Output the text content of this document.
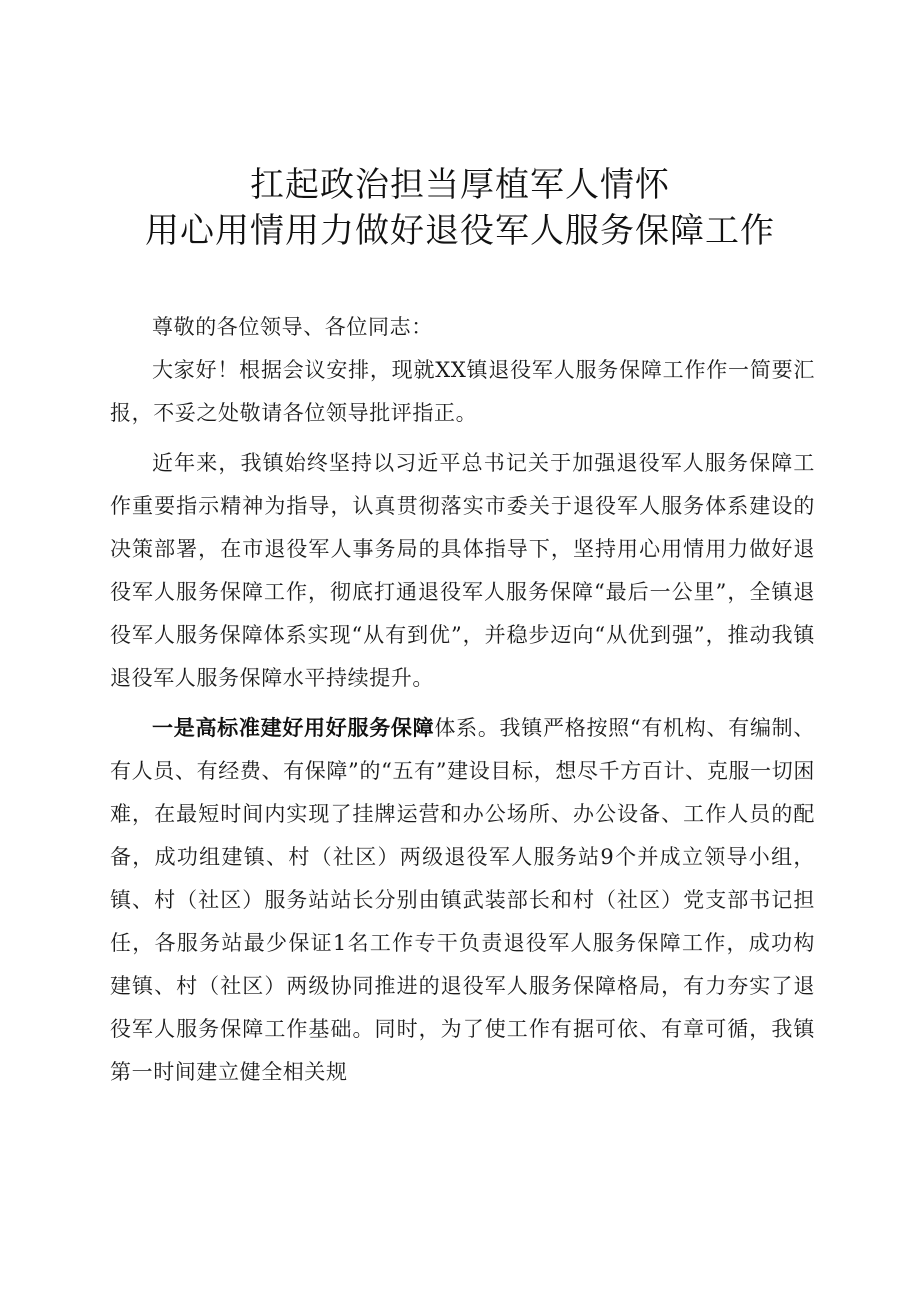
扛起政治担当厚植军人情怀
用心用情用力做好退役军人服务保障工作

尊敬的各位领导、各位同志：

大家好！根据会议安排，现就XX镇退役军人服务保障工作作一简要汇报，不妥之处敬请各位领导批评指正。

近年来，我镇始终坚持以习近平总书记关于加强退役军人服务保障工作重要指示精神为指导，认真贯彻落实市委关于退役军人服务体系建设的决策部署，在市退役军人事务局的具体指导下，坚持用心用情用力做好退役军人服务保障工作，彻底打通退役军人服务保障“最后一公里”，全镇退役军人服务保障体系实现“从有到优”，并稳步迈向“从优到强”，推动我镇退役军人服务保障水平持续提升。

一是高标准建好用好服务保障体系。我镇严格按照“有机构、有编制、有人员、有经费、有保障”的“五有”建设目标，想尽千方百计、克服一切困难，在最短时间内实现了挂牌运营和办公场所、办公设备、工作人员的配备，成功组建镇、村（社区）两级退役军人服务站9个并成立领导小组，镇、村（社区）服务站站长分别由镇武装部长和村（社区）党支部书记担任，各服务站最少保证1名工作专干负责退役军人服务保障工作，成功构建镇、村（社区）两级协同推进的退役军人服务保障格局，有力夯实了退役军人服务保障工作基础。同时，为了使工作有据可依、有章可循，我镇第一时间建立健全相关规
